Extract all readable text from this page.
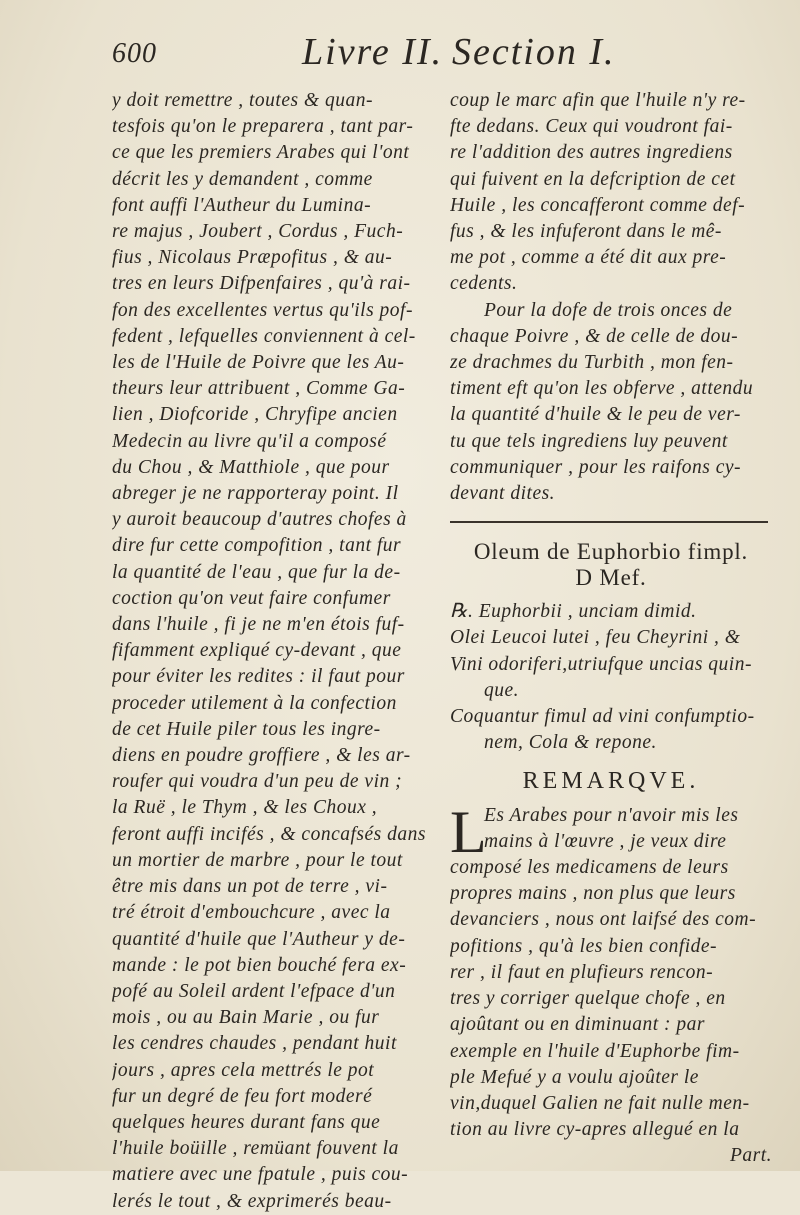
600	Livre II. Section I.
y doit remettre , toutes & quan-
tesfois qu'on le preparera , tant par-
ce que les premiers Arabes qui l'ont
décrit les y demandent , comme
font auffi l'Autheur du Lumina-
re majus , Joubert , Cordus , Fuch-
fius , Nicolaus Præpofitus , & au-
tres en leurs Difpenfaires , qu'à rai-
fon des excellentes vertus qu'ils pof-
fedent , lefquelles conviennent à cel-
les de l'Huile de Poivre que les Au-
theurs leur attribuent , Comme Ga-
lien , Diofcoride , Chryfipe ancien
Medecin au livre qu'il a composé
du Chou , & Matthiole , que pour
abreger je ne rapporteray point. Il
y auroit beaucoup d'autres chofes à
dire fur cette compofition , tant fur
la quantité de l'eau , que fur la de-
coction qu'on veut faire confumer
dans l'huile , fi je ne m'en étois fuf-
fifamment expliqué cy-devant , que
pour éviter les redites : il faut pour
proceder utilement à la confection
de cet Huile piler tous les ingre-
diens en poudre groffiere , & les ar-
roufer qui voudra d'un peu de vin ;
la Ruë , le Thym , & les Choux ,
feront auffi incifés , & concafsés dans
un mortier de marbre , pour le tout
être mis dans un pot de terre , vi-
tré étroit d'embouchcure , avec la
quantité d'huile que l'Autheur y de-
mande : le pot bien bouché fera ex-
pofé au Soleil ardent l'efpace d'un
mois , ou au Bain Marie , ou fur
les cendres chaudes , pendant huit
jours , apres cela mettrés le pot
fur un degré de feu fort moderé
quelques heures durant fans que
l'huile boüille , remüant fouvent la
matiere avec une fpatule , puis cou-
lerés le tout , & exprimerés beau-
coup le marc afin que l'huile n'y re-
fte dedans. Ceux qui voudront fai-
re l'addition des autres ingrediens
qui fuivent en la defcription de cet
Huile , les concafferont comme def-
fus , & les infuferont dans le mê-
me pot , comme a été dit aux pre-
cedents.
Pour la dofe de trois onces de
chaque Poivre , & de celle de dou-
ze drachmes du Turbith , mon fen-
timent eft qu'on les obferve , attendu
la quantité d'huile & le peu de ver-
tu que tels ingrediens luy peuvent
communiquer , pour les raifons cy-
devant dites.
Oleum de Euphorbio fimpl.
D Mef.
℞. Euphorbii , unciam dimid.
Olei Leucoi lutei , feu Cheyrini , &
Vini odoriferi,utriufque uncias quin-
que.
Coquantur fimul ad vini confumptio-
nem, Cola & repone.
REMARQVE.
L
Es Arabes pour n'avoir mis les
mains à l'œuvre , je veux dire
composé les medicamens de leurs
propres mains , non plus que leurs
devanciers , nous ont laifsé des com-
pofitions , qu'à les bien confide-
rer , il faut en plufieurs rencon-
tres y corriger quelque chofe , en
ajoûtant ou en diminuant : par
exemple en l'huile d'Euphorbe fim-
ple Mefué y a voulu ajoûter le
vin,duquel Galien ne fait nulle men-
tion au livre cy-apres allegué en la
Part.
